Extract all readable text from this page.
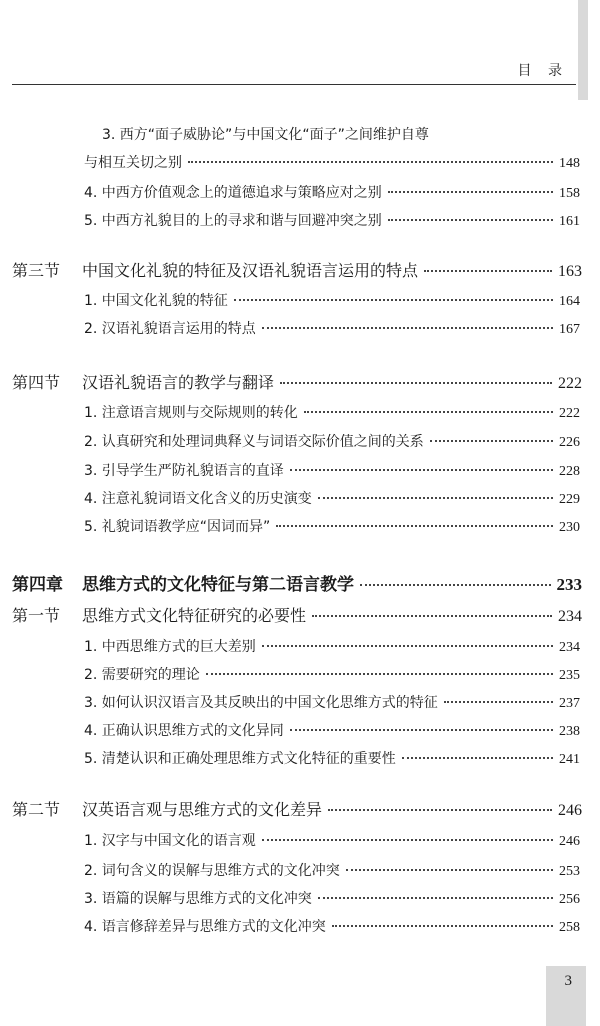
目 录
3. 西方“面子威胁论”与中国文化“面子”之间维护自尊
与相互关切之别	148
4. 中西方价值观念上的道德追求与策略应对之别	158
5. 中西方礼貌目的上的寻求和谐与回避冲突之别	161
第三节	中国文化礼貌的特征及汉语礼貌语言运用的特点	163
1. 中国文化礼貌的特征	164
2. 汉语礼貌语言运用的特点	167
第四节	汉语礼貌语言的教学与翻译	222
1. 注意语言规则与交际规则的转化	222
2. 认真研究和处理词典释义与词语交际价值之间的关系	226
3. 引导学生严防礼貌语言的直译	228
4. 注意礼貌词语文化含义的历史演变	229
5. 礼貌词语教学应“因词而异”	230
第四章	思维方式的文化特征与第二语言教学	233
第一节	思维方式文化特征研究的必要性	234
1. 中西思维方式的巨大差别	234
2. 需要研究的理论	235
3. 如何认识汉语言及其反映出的中国文化思维方式的特征	237
4. 正确认识思维方式的文化异同	238
5. 清楚认识和正确处理思维方式文化特征的重要性	241
第二节	汉英语言观与思维方式的文化差异	246
1. 汉字与中国文化的语言观	246
2. 词句含义的误解与思维方式的文化冲突	253
3. 语篇的误解与思维方式的文化冲突	256
4. 语言修辞差异与思维方式的文化冲突	258
3
